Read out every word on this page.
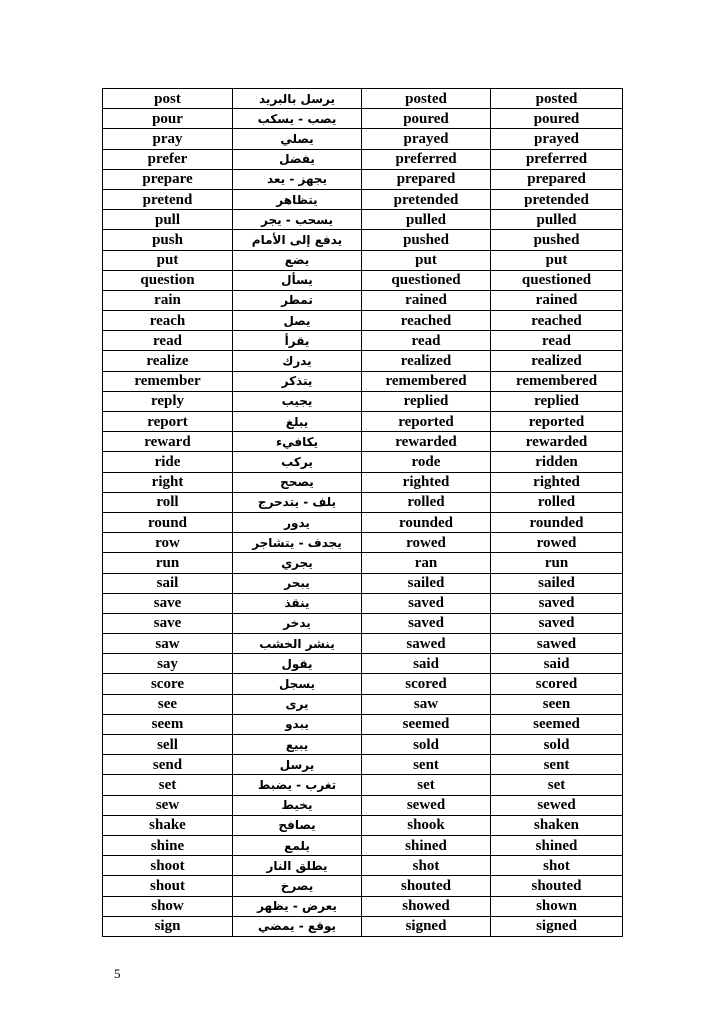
post	يرسل بالبريد	posted	posted
pour	يصب - يسكب	poured	poured
pray	يصلي	prayed	prayed
prefer	يفضل	preferred	preferred
prepare	يجهز - يعد	prepared	prepared
pretend	يتظاهر	pretended	pretended
pull	يسحب - يجر	pulled	pulled
push	يدفع إلى الأمام	pushed	pushed
put	يضع	put	put
question	يسأل	questioned	questioned
rain	تمطر	rained	rained
reach	يصل	reached	reached
read	يقرأ	read	read
realize	يدرك	realized	realized
remember	يتذكر	remembered	remembered
reply	يجيب	replied	replied
report	يبلغ	reported	reported
reward	يكافيء	rewarded	rewarded
ride	يركب	rode	ridden
right	يصحح	righted	righted
roll	يلف - يتدحرج	rolled	rolled
round	يدور	rounded	rounded
row	يجدف - يتشاجر	rowed	rowed
run	يجري	ran	run
sail	يبحر	sailed	sailed
save	ينقذ	saved	saved
save	يدخر	saved	saved
saw	ينشر الخشب	sawed	sawed
say	يقول	said	said
score	يسجل	scored	scored
see	يرى	saw	seen
seem	يبدو	seemed	seemed
sell	يبيع	sold	sold
send	يرسل	sent	sent
set	تغرب - يضبط	set	set
sew	يخيط	sewed	sewed
shake	يصافح	shook	shaken
shine	يلمع	shined	shined
shoot	يطلق النار	shot	shot
shout	يصرخ	shouted	shouted
show	يعرض - يظهر	showed	shown
sign	يوقع - يمضي	signed	signed
5
